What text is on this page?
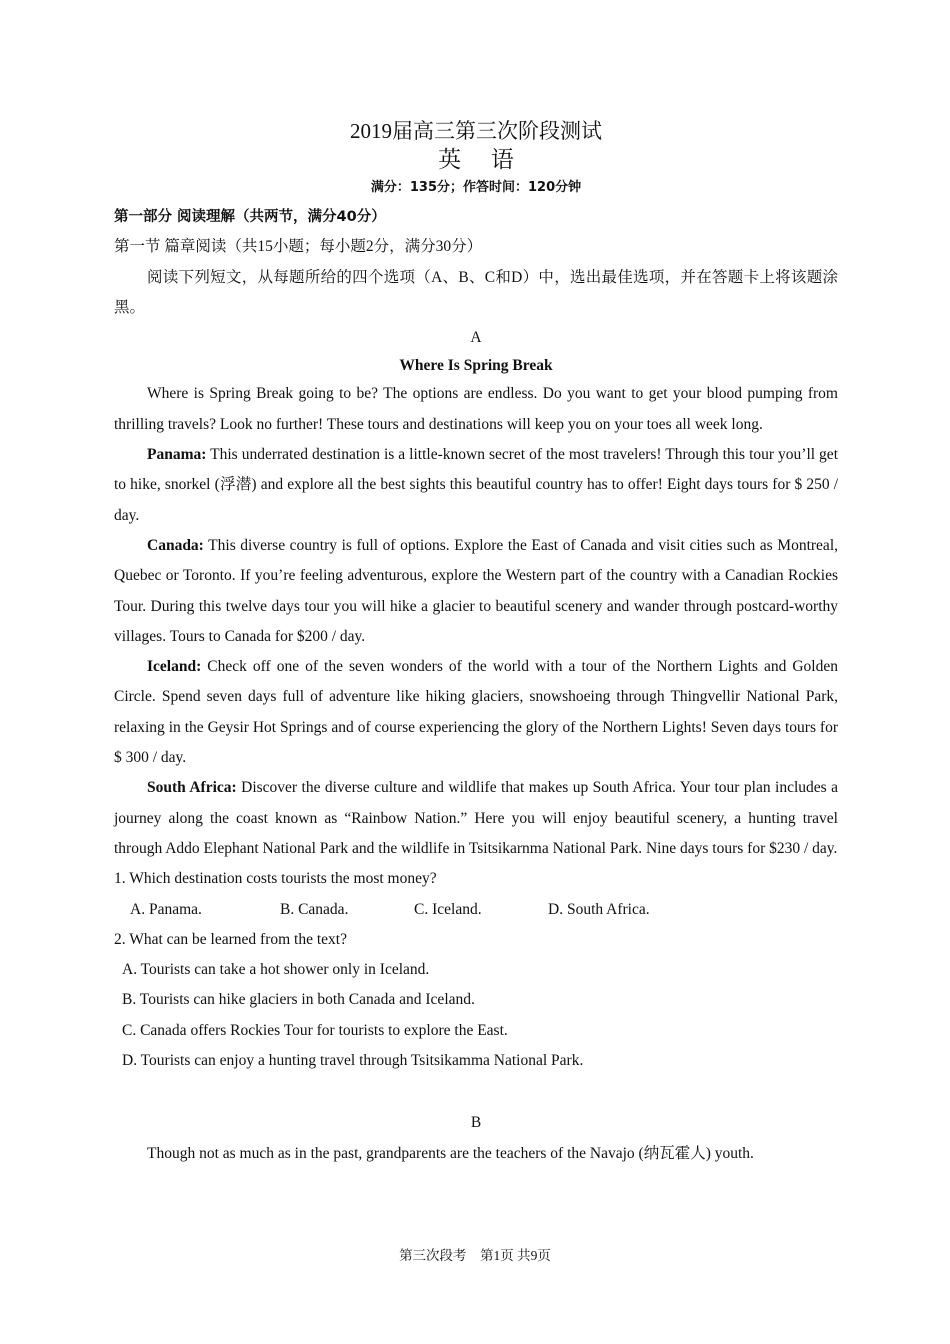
2019届高三第三次阶段测试

英 语

满分：135分；作答时间：120分钟

第一部分 阅读理解（共两节，满分40分）

第一节 篇章阅读（共15小题；每小题2分，满分30分）

阅读下列短文，从每题所给的四个选项（A、B、C和D）中，选出最佳选项，并在答题卡上将该题涂黑。

A

Where Is Spring Break

Where is Spring Break going to be? The options are endless. Do you want to get your blood pumping from thrilling travels? Look no further! These tours and destinations will keep you on your toes all week long.

Panama: This underrated destination is a little-known secret of the most travelers! Through this tour you’ll get to hike, snorkel (浮潜) and explore all the best sights this beautiful country has to offer! Eight days tours for $ 250 / day.

Canada: This diverse country is full of options. Explore the East of Canada and visit cities such as Montreal, Quebec or Toronto. If you’re feeling adventurous, explore the Western part of the country with a Canadian Rockies Tour. During this twelve days tour you will hike a glacier to beautiful scenery and wander through postcard-worthy villages. Tours to Canada for $200 / day.

Iceland: Check off one of the seven wonders of the world with a tour of the Northern Lights and Golden Circle. Spend seven days full of adventure like hiking glaciers, snowshoeing through Thingvellir National Park, relaxing in the Geysir Hot Springs and of course experiencing the glory of the Northern Lights! Seven days tours for $ 300 / day.

South Africa: Discover the diverse culture and wildlife that makes up South Africa. Your tour plan includes a journey along the coast known as “Rainbow Nation.” Here you will enjoy beautiful scenery, a hunting travel through Addo Elephant National Park and the wildlife in Tsitsikarnma National Park. Nine days tours for $230 / day.

1. Which destination costs tourists the most money?

A. Panama.	B. Canada.	C. Iceland.	D. South Africa.

2. What can be learned from the text?

A. Tourists can take a hot shower only in Iceland.

B. Tourists can hike glaciers in both Canada and Iceland.

C. Canada offers Rockies Tour for tourists to explore the East.

D. Tourists can enjoy a hunting travel through Tsitsikamma National Park.

B

Though not as much as in the past, grandparents are the teachers of the Navajo (纳瓦霍人) youth.

第三次段考　第1页 共9页
